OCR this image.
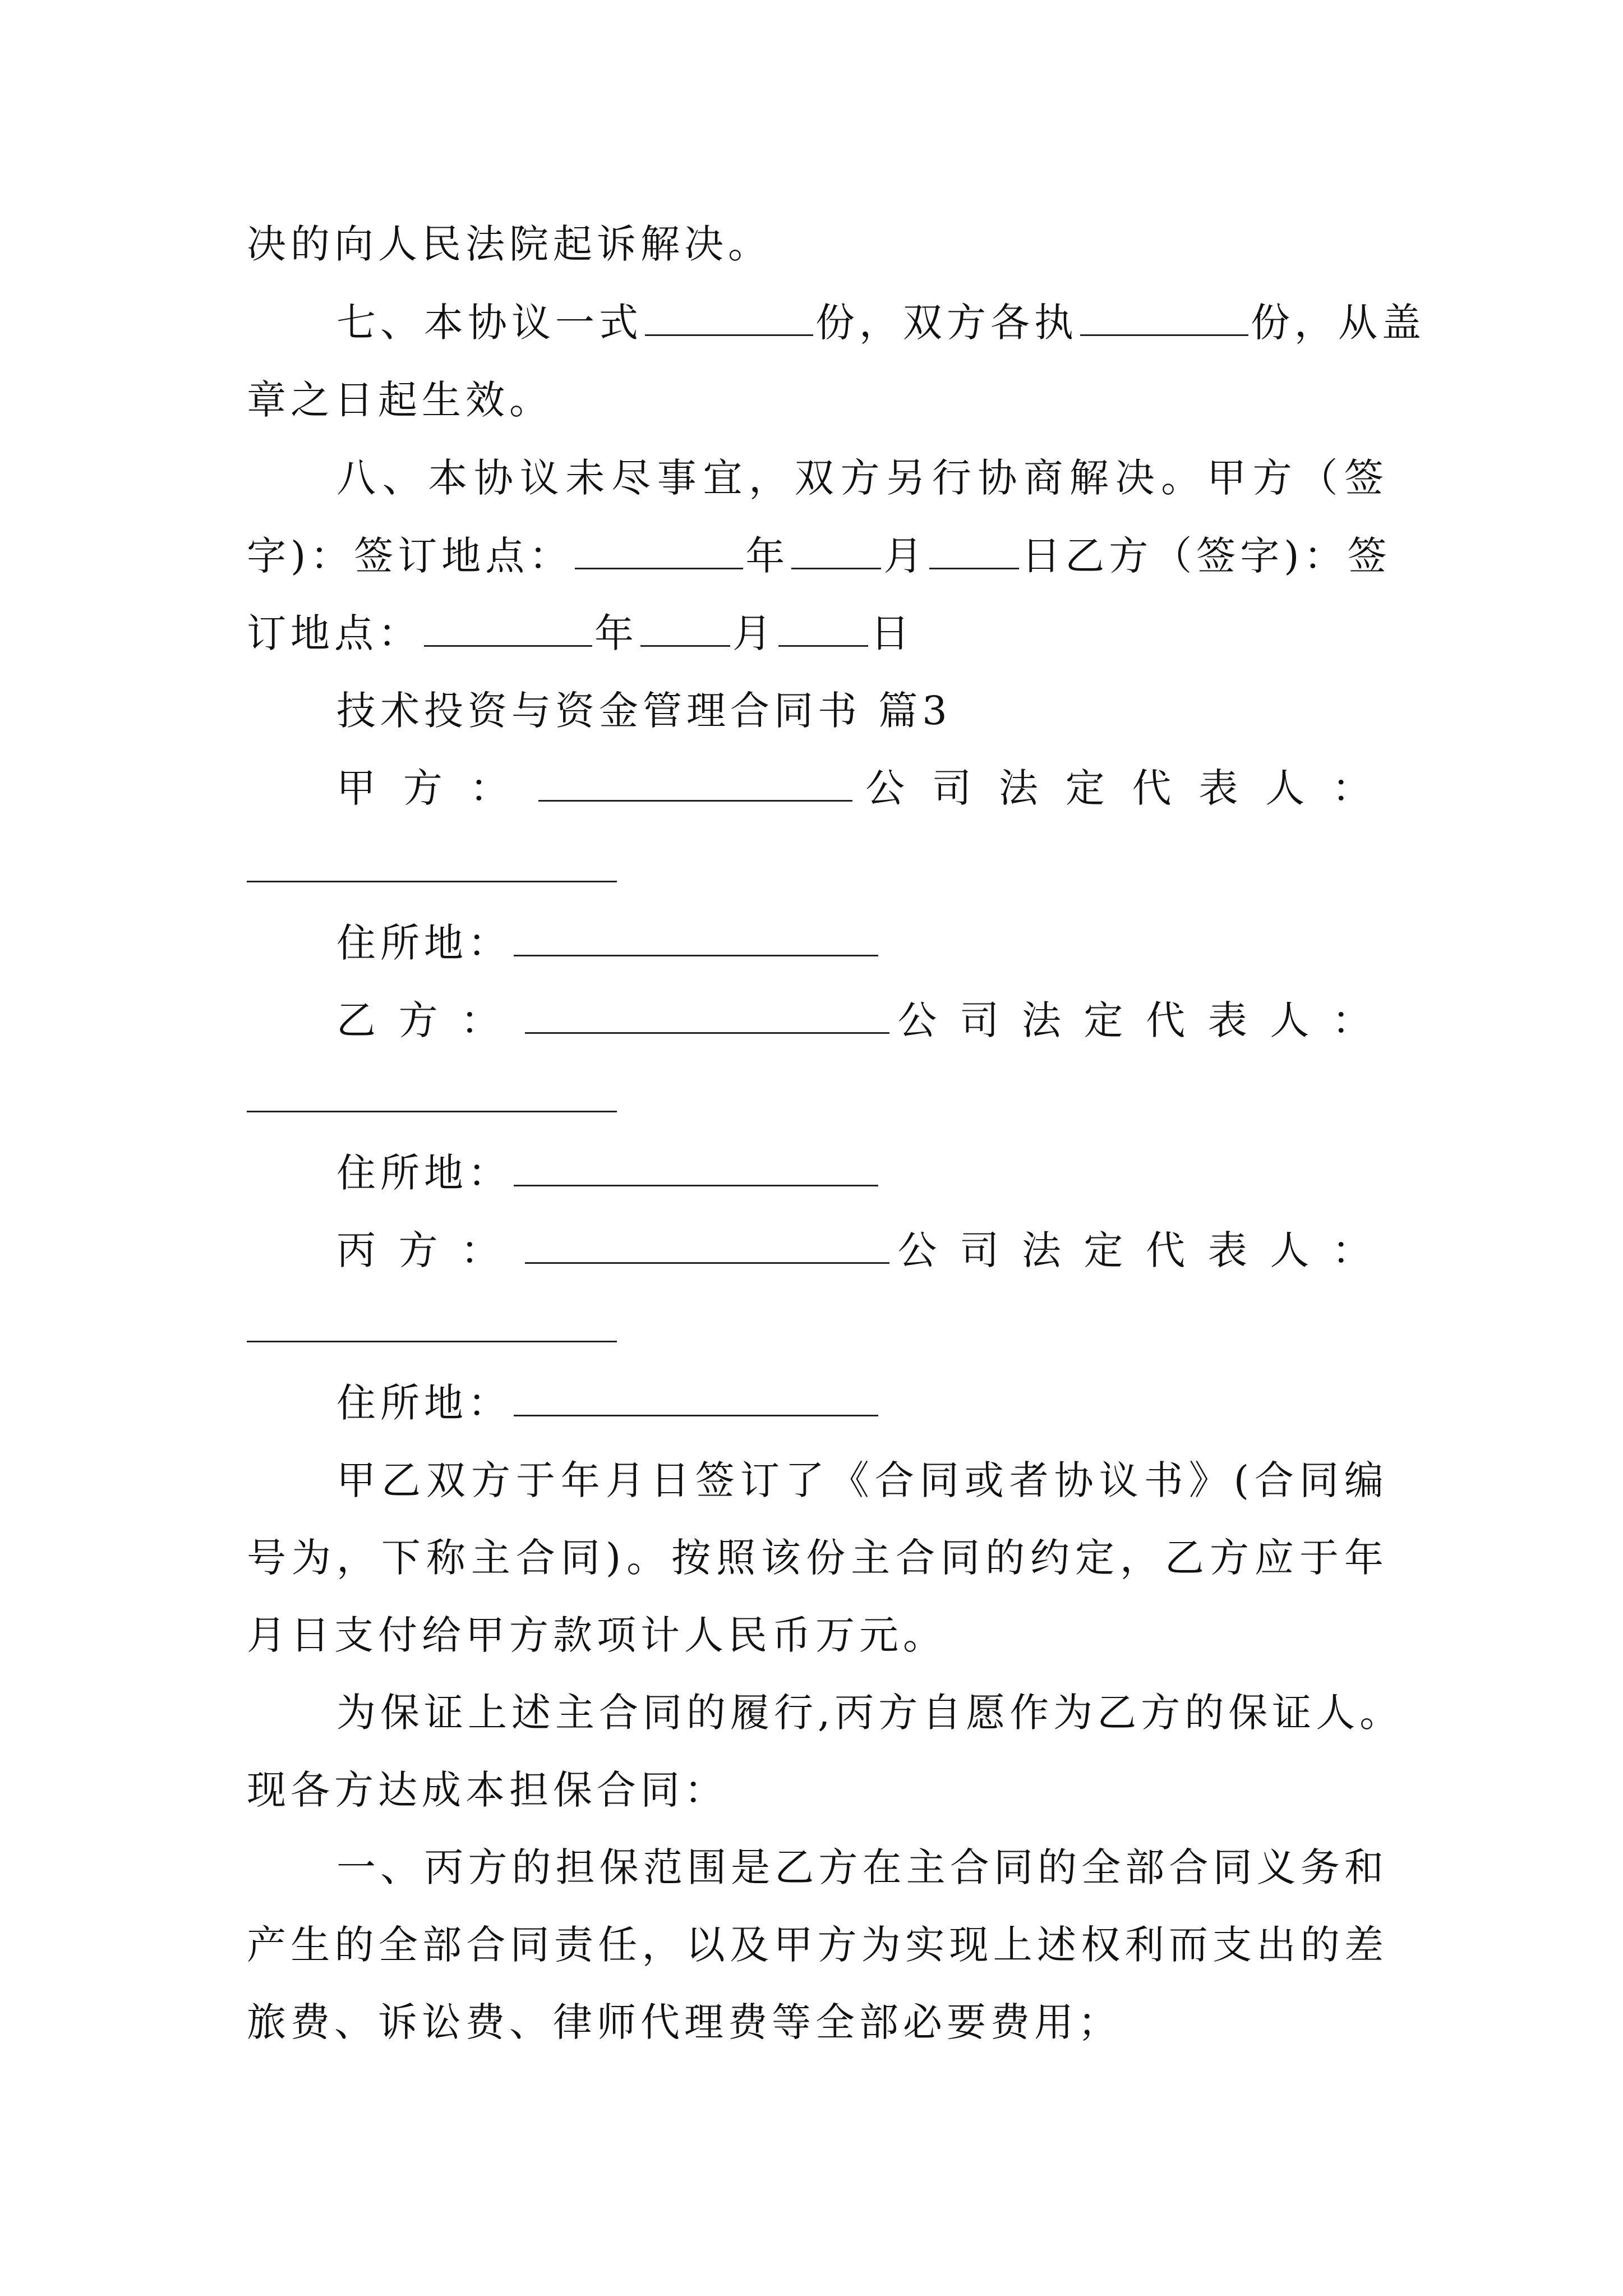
决的向人民法院起诉解决。
七、本协议一式	份，双方各执	份，从盖
章之日起生效。
八、本协议未尽事宜，双方另行协商解决。甲方（签
字)：签订地点：	年 月 日乙方（签字)：签
订地点：	年 月 日
技术投资与资金管理合同书 篇3
甲方：	公司法定代表人：
住所地：
乙方：	公司法定代表人：
住所地：
丙方：	公司法定代表人：
住所地：
甲乙双方于年月日签订了《合同或者协议书》(合同编
号为，下称主合同)。按照该份主合同的约定，乙方应于年
月日支付给甲方款项计人民币万元。
为保证上述主合同的履行,丙方自愿作为乙方的保证人。
现各方达成本担保合同：
一、丙方的担保范围是乙方在主合同的全部合同义务和
产生的全部合同责任，以及甲方为实现上述权利而支出的差
旅费、诉讼费、律师代理费等全部必要费用；
